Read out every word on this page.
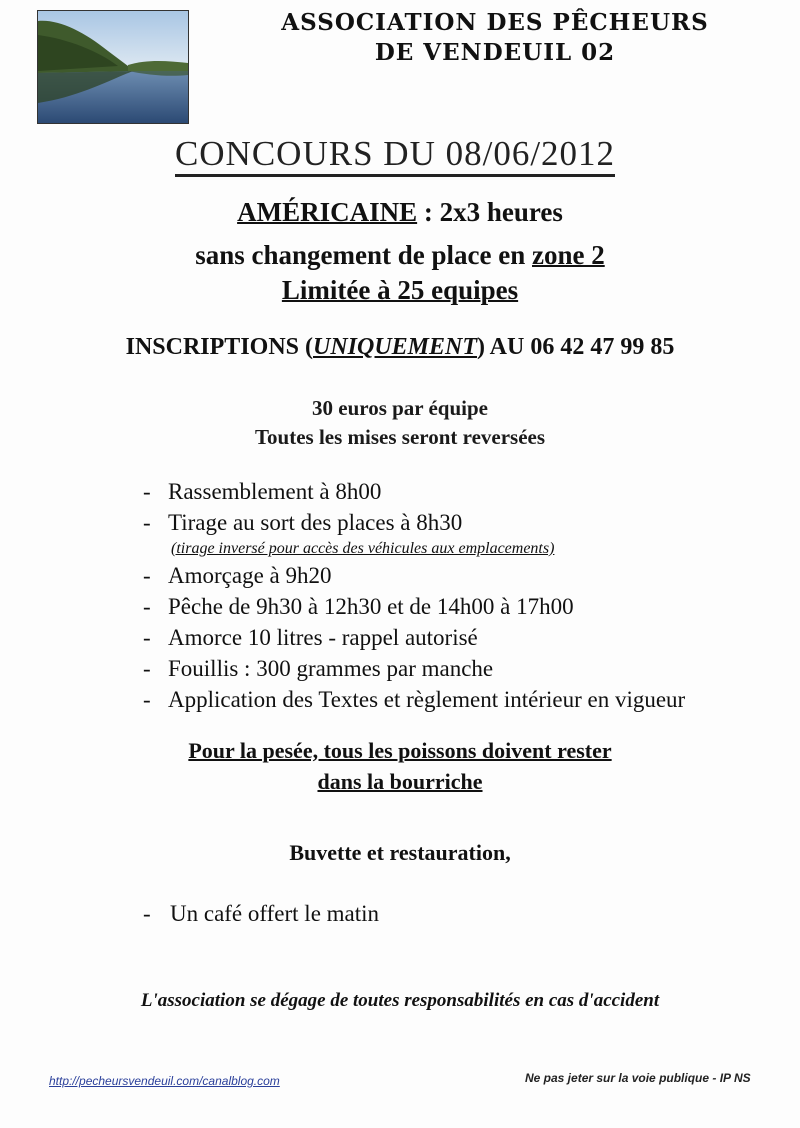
ASSOCIATION DES PÊCHEURS
DE VENDEUIL 02
CONCOURS DU 08/06/2012
AMÉRICAINE : 2x3 heures
sans changement de place en zone 2
Limitée à 25 equipes
INSCRIPTIONS (UNIQUEMENT) AU 06 42 47 99 85
30 euros par équipe
Toutes les mises seront reversées
- Rassemblement à 8h00
- Tirage au sort des places à 8h30
(tirage inversé pour accès des véhicules aux emplacements)
- Amorçage à 9h20
- Pêche de 9h30 à 12h30 et de 14h00 à 17h00
- Amorce 10 litres - rappel autorisé
- Fouillis : 300 grammes par manche
- Application des Textes et règlement intérieur en vigueur
Pour la pesée, tous les poissons doivent rester
dans la bourriche
Buvette et restauration,
- Un café offert le matin
L'association se dégage de toutes responsabilités en cas d'accident
http://pecheursvendeuil.com/canalblog.com	Ne pas jeter sur la voie publique - IP NS
